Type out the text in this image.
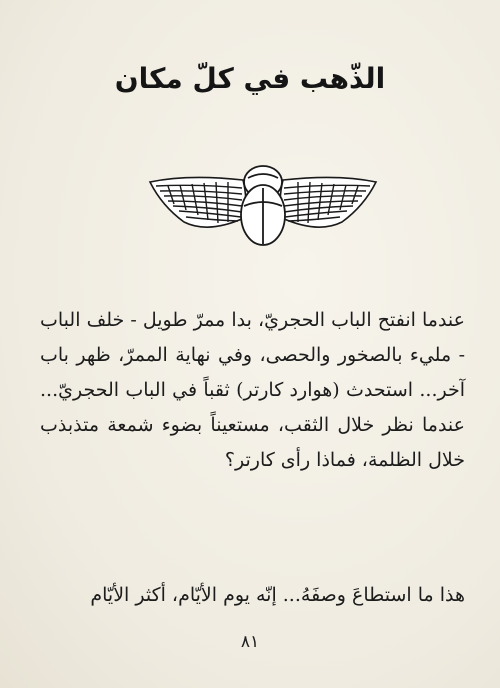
الذّهب في كلّ مكان

عندما انفتح الباب الحجريّ، بدا ممرّ طويل - خلف الباب - مليء بالصخور والحصى، وفي نهاية الممرّ، ظهر باب آخر... استحدث (هوارد كارتر) ثقباً في الباب الحجريّ... عندما نظر خلال الثقب، مستعيناً بضوء شمعة متذبذب خلال الظلمة، فماذا رأى كارتر؟

هذا ما استطاعَ وصفَهُ... إنّه يوم الأيّام، أكثر الأيّام

٨١
